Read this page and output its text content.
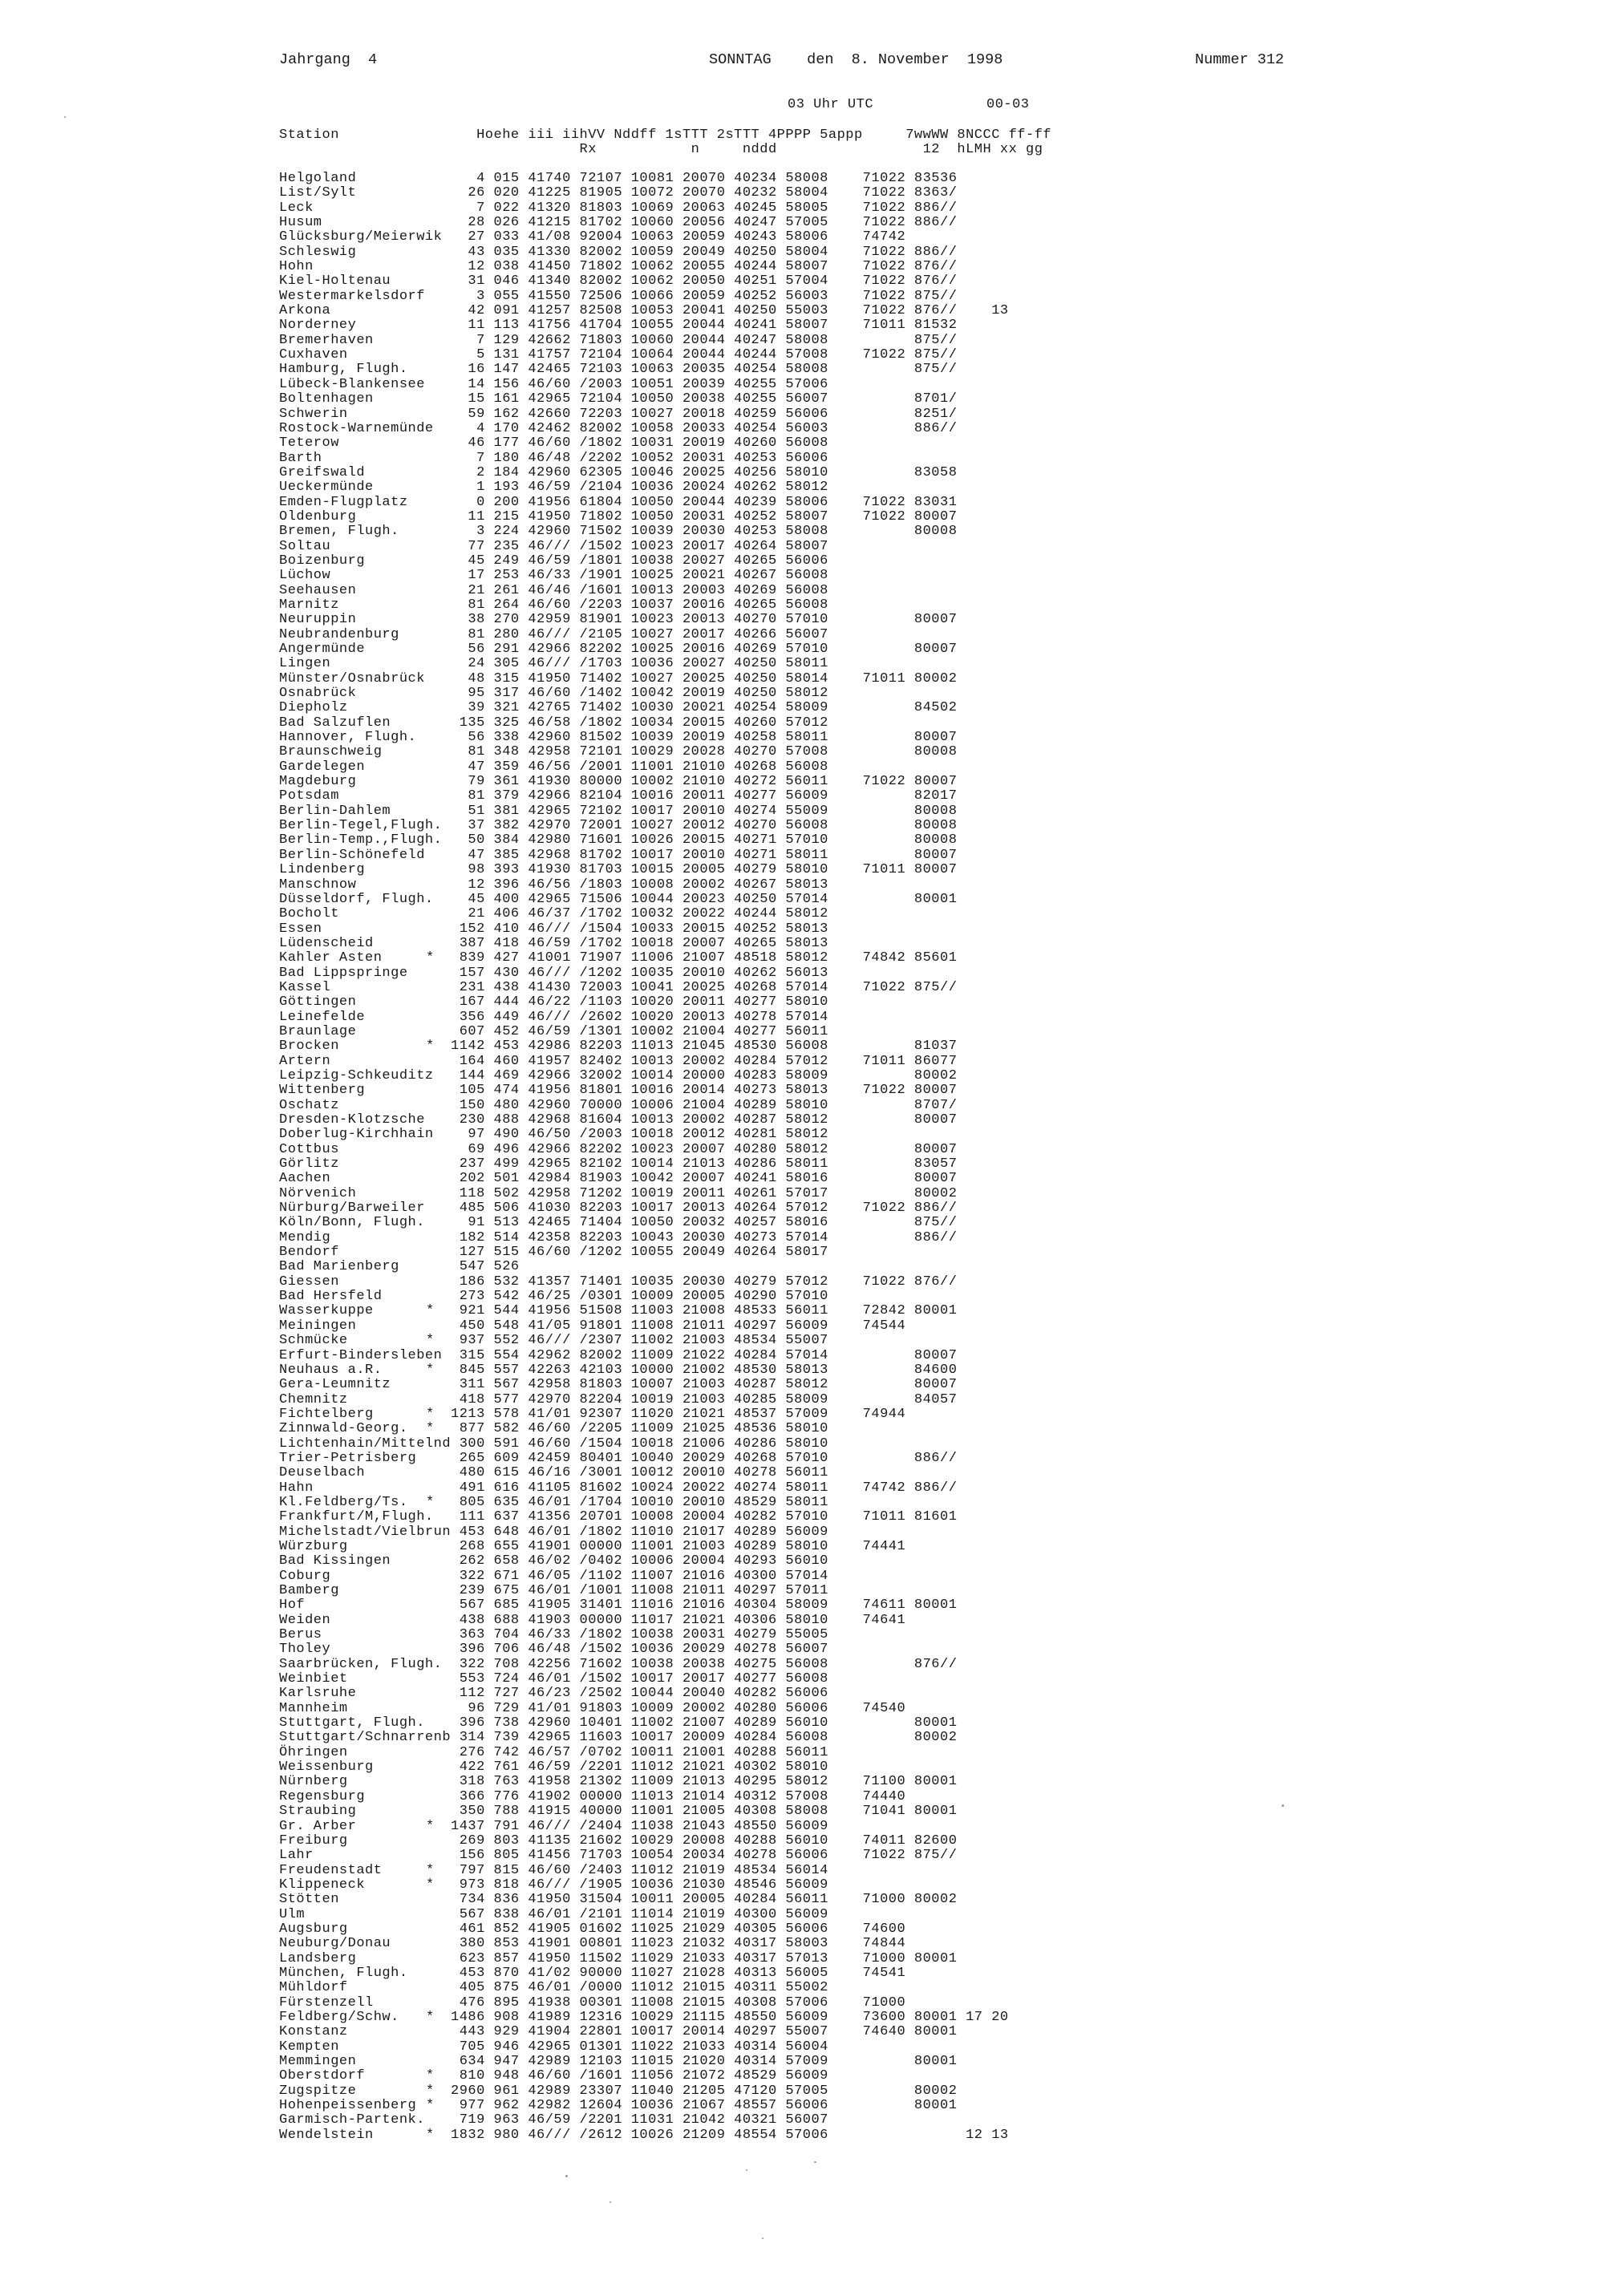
Jahrgang  4	SONNTAG    den  8. November  1998	Nummer 312
03 Uhr UTC	00-03
Station	Hoehe iii iihVV Nddff 1sTTT 2sTTT 4PPPP 5appp     7wwWW 8NCCC ff-ff
Rx           n     nddd                 12  hLMH xx gg
Helgoland	4 015 41740 72107 10081 20070 40234 58008    71022 83536
List/Sylt	26 020 41225 81905 10072 20070 40232 58004    71022 8363/
Leck	7 022 41320 81803 10069 20063 40245 58005    71022 886//
Husum	28 026 41215 81702 10060 20056 40247 57005    71022 886//
Glücksburg/Meierwik 27 033 41/08 92004 10063 20059 40243 58006    74742
Schleswig	43 035 41330 82002 10059 20049 40250 58004    71022 886//
Hohn	12 038 41450 71802 10062 20055 40244 58007    71022 876//
Kiel-Holtenau	31 046 41340 82002 10062 20050 40251 57004    71022 876//
Westermarkelsdorf 3 055 41550 72506 10066 20059 40252 56003    71022 875//
Arkona	42 091 41257 82508 10053 20041 40250 55003    71022 876//    13
Norderney	11 113 41756 41704 10055 20044 40241 58007    71011 81532
Bremerhaven	7 129 42662 71803 10060 20044 40247 58008          875//
Cuxhaven	5 131 41757 72104 10064 20044 40244 57008    71022 875//
Hamburg, Flugh.	16 147 42465 72103 10063 20035 40254 58008          875//
Lübeck-Blankensee 14 156 46/60 /2003 10051 20039 40255 57006
Boltenhagen	15 161 42965 72104 10050 20038 40255 56007          8701/
Schwerin	59 162 42660 72203 10027 20018 40259 56006          8251/
Rostock-Warnemünde 4 170 42462 82002 10058 20033 40254 56003          886//
Teterow	46 177 46/60 /1802 10031 20019 40260 56008
Barth	7 180 46/48 /2202 10052 20031 40253 56006
Greifswald	2 184 42960 62305 10046 20025 40256 58010          83058
Ueckermünde	1 193 46/59 /2104 10036 20024 40262 58012
Emden-Flugplatz	0 200 41956 61804 10050 20044 40239 58006    71022 83031
Oldenburg	11 215 41950 71802 10050 20031 40252 58007    71022 80007
Bremen, Flugh.	3 224 42960 71502 10039 20030 40253 58008          80008
Soltau	77 235 46/// /1502 10023 20017 40264 58007
Boizenburg	45 249 46/59 /1801 10038 20027 40265 56006
Lüchow	17 253 46/33 /1901 10025 20021 40267 56008
Seehausen	21 261 46/46 /1601 10013 20003 40269 56008
Marnitz	81 264 46/60 /2203 10037 20016 40265 56008
Neuruppin	38 270 42959 81901 10023 20013 40270 57010          80007
Neubrandenburg	81 280 46/// /2105 10027 20017 40266 56007
Angermünde	56 291 42966 82202 10025 20016 40269 57010          80007
Lingen	24 305 46/// /1703 10036 20027 40250 58011
Münster/Osnabrück 48 315 41950 71402 10027 20025 40250 58014    71011 80002
Osnabrück	95 317 46/60 /1402 10042 20019 40250 58012
Diepholz	39 321 42765 71402 10030 20021 40254 58009          84502
Bad Salzuflen	135 325 46/58 /1802 10034 20015 40260 57012
Hannover, Flugh.	56 338 42960 81502 10039 20019 40258 58011          80007
Braunschweig	81 348 42958 72101 10029 20028 40270 57008          80008
Gardelegen	47 359 46/56 /2001 11001 21010 40268 56008
Magdeburg	79 361 41930 80000 10002 21010 40272 56011    71022 80007
Potsdam	81 379 42966 82104 10016 20011 40277 56009          82017
Berlin-Dahlem	51 381 42965 72102 10017 20010 40274 55009          80008
Berlin-Tegel,Flugh. 37 382 42970 72001 10027 20012 40270 56008          80008
Berlin-Temp.,Flugh. 50 384 42980 71601 10026 20015 40271 57010          80008
Berlin-Schönefeld 47 385 42968 81702 10017 20010 40271 58011          80007
Lindenberg	98 393 41930 81703 10015 20005 40279 58010    71011 80007
Manschnow	12 396 46/56 /1803 10008 20002 40267 58013
Düsseldorf, Flugh. 45 400 42965 71506 10044 20023 40250 57014          80001
Bocholt	21 406 46/37 /1702 10032 20022 40244 58012
Essen	152 410 46/// /1504 10033 20015 40252 58013
Lüdenscheid	387 418 46/59 /1702 10018 20007 40265 58013
Kahler Asten	* 839 427 41001 71907 11006 21007 48518 58012    74842 85601
Bad Lippspringe	157 430 46/// /1202 10035 20010 40262 56013
Kassel	231 438 41430 72003 10041 20025 40268 57014    71022 875//
Göttingen	167 444 46/22 /1103 10020 20011 40277 58010
Leinefelde	356 449 46/// /2602 10020 20013 40278 57014
Braunlage	607 452 46/59 /1301 10002 21004 40277 56011
Brocken	* 1142 453 42986 82203 11013 21045 48530 56008          81037
Artern	164 460 41957 82402 10013 20002 40284 57012    71011 86077
Leipzig-Schkeuditz 144 469 42966 32002 10014 20000 40283 58009          80002
Wittenberg	105 474 41956 81801 10016 20014 40273 58013    71022 80007
Oschatz	150 480 42960 70000 10006 21004 40289 58010          8707/
Dresden-Klotzsche 230 488 42968 81604 10013 20002 40287 58012          80007
Doberlug-Kirchhain 97 490 46/50 /2003 10018 20012 40281 58012
Cottbus	69 496 42966 82202 10023 20007 40280 58012          80007
Görlitz	237 499 42965 82102 10014 21013 40286 58011          83057
Aachen	202 501 42984 81903 10042 20007 40241 58016          80007
Nörvenich	118 502 42958 71202 10019 20011 40261 57017          80002
Nürburg/Barweiler 485 506 41030 82203 10017 20013 40264 57012    71022 886//
Köln/Bonn, Flugh. 91 513 42465 71404 10050 20032 40257 58016          875//
Mendig	182 514 42358 82203 10043 20030 40273 57014          886//
Bendorf	127 515 46/60 /1202 10055 20049 40264 58017
Bad Marienberg	547 526
Giessen	186 532 41357 71401 10035 20030 40279 57012    71022 876//
Bad Hersfeld	273 542 46/25 /0301 10009 20005 40290 57010
Wasserkuppe	* 921 544 41956 51508 11003 21008 48533 56011    72842 80001
Meiningen	450 548 41/05 91801 11008 21011 40297 56009    74544
Schmücke	* 937 552 46/// /2307 11002 21003 48534 55007
Erfurt-Bindersleben 315 554 42962 82002 11009 21022 40284 57014          80007
Neuhaus a.R.	* 845 557 42263 42103 10000 21002 48530 58013          84600
Gera-Leumnitz	311 567 42958 81803 10007 21003 40287 58012          80007
Chemnitz	418 577 42970 82204 10019 21003 40285 58009          84057
Fichtelberg	* 1213 578 41/01 92307 11020 21021 48537 57009    74944
Zinnwald-Georg. * 877 582 46/60 /2205 11009 21025 48536 58010
Lichtenhain/Mittelnd 300 591 46/60 /1504 10018 21006 40286 58010
Trier-Petrisberg	265 609 42459 80401 10040 20029 40268 57010          886//
Deuselbach	480 615 46/16 /3001 10012 20010 40278 56011
Hahn	491 616 41105 81602 10024 20022 40274 58011    74742 886//
Kl.Feldberg/Ts. * 805 635 46/01 /1704 10010 20010 48529 58011
Frankfurt/M,Flugh. 111 637 41356 20701 10008 20004 40282 57010    71011 81601
Michelstadt/Vielbrun 453 648 46/01 /1802 11010 21017 40289 56009
Würzburg	268 655 41901 00000 11001 21003 40289 58010    74441
Bad Kissingen	262 658 46/02 /0402 10006 20004 40293 56010
Coburg	322 671 46/05 /1102 11007 21016 40300 57014
Bamberg	239 675 46/01 /1001 11008 21011 40297 57011
Hof	567 685 41905 31401 11016 21016 40304 58009    74611 80001
Weiden	438 688 41903 00000 11017 21021 40306 58010    74641
Berus	363 704 46/33 /1802 10038 20031 40279 55005
Tholey	396 706 46/48 /1502 10036 20029 40278 56007
Saarbrücken, Flugh. 322 708 42256 71602 10038 20038 40275 56008          876//
Weinbiet	553 724 46/01 /1502 10017 20017 40277 56008
Karlsruhe	112 727 46/23 /2502 10044 20040 40282 56006
Mannheim	96 729 41/01 91803 10009 20002 40280 56006    74540
Stuttgart, Flugh. 396 738 42960 10401 11002 21007 40289 56010          80001
Stuttgart/Schnarrenb 314 739 42965 11603 10017 20009 40284 56008          80002
Öhringen	276 742 46/57 /0702 10011 21001 40288 56011
Weissenburg	422 761 46/59 /2201 11012 21021 40302 58010
Nürnberg	318 763 41958 21302 11009 21013 40295 58012    71100 80001
Regensburg	366 776 41902 00000 11013 21014 40312 57008    74440
Straubing	350 788 41915 40000 11001 21005 40308 58008    71041 80001
Gr. Arber	* 1437 791 46/// /2404 11038 21043 48550 56009
Freiburg	269 803 41135 21602 10029 20008 40288 56010    74011 82600
Lahr	156 805 41456 71703 10054 20034 40278 56006    71022 875//
Freudenstadt	* 797 815 46/60 /2403 11012 21019 48534 56014
Klippeneck	* 973 818 46/// /1905 10036 21030 48546 56009
Stötten	734 836 41950 31504 10011 20005 40284 56011    71000 80002
Ulm	567 838 46/01 /2101 11014 21019 40300 56009
Augsburg	461 852 41905 01602 11025 21029 40305 56006    74600
Neuburg/Donau	380 853 41901 00801 11023 21032 40317 58003    74844
Landsberg	623 857 41950 11502 11029 21033 40317 57013    71000 80001
München, Flugh.	453 870 41/02 90000 11027 21028 40313 56005    74541
Mühldorf	405 875 46/01 /0000 11012 21015 40311 55002
Fürstenzell	476 895 41938 00301 11008 21015 40308 57006    71000
Feldberg/Schw. * 1486 908 41989 12316 10029 21115 48550 56009    73600 80001 17 20
Konstanz	443 929 41904 22801 10017 20014 40297 55007    74640 80001
Kempten	705 946 42965 01301 11022 21033 40314 56004
Memmingen	634 947 42989 12103 11015 21020 40314 57009          80001
Oberstdorf	* 810 948 46/60 /1601 11056 21072 48529 56009
Zugspitze	* 2960 961 42989 23307 11040 21205 47120 57005          80002
Hohenpeissenberg * 977 962 42982 12604 10036 21067 48557 56006          80001
Garmisch-Partenk. 719 963 46/59 /2201 11031 21042 40321 56007
Wendelstein	* 1832 980 46/// /2612 10026 21209 48554 57006                12 13
